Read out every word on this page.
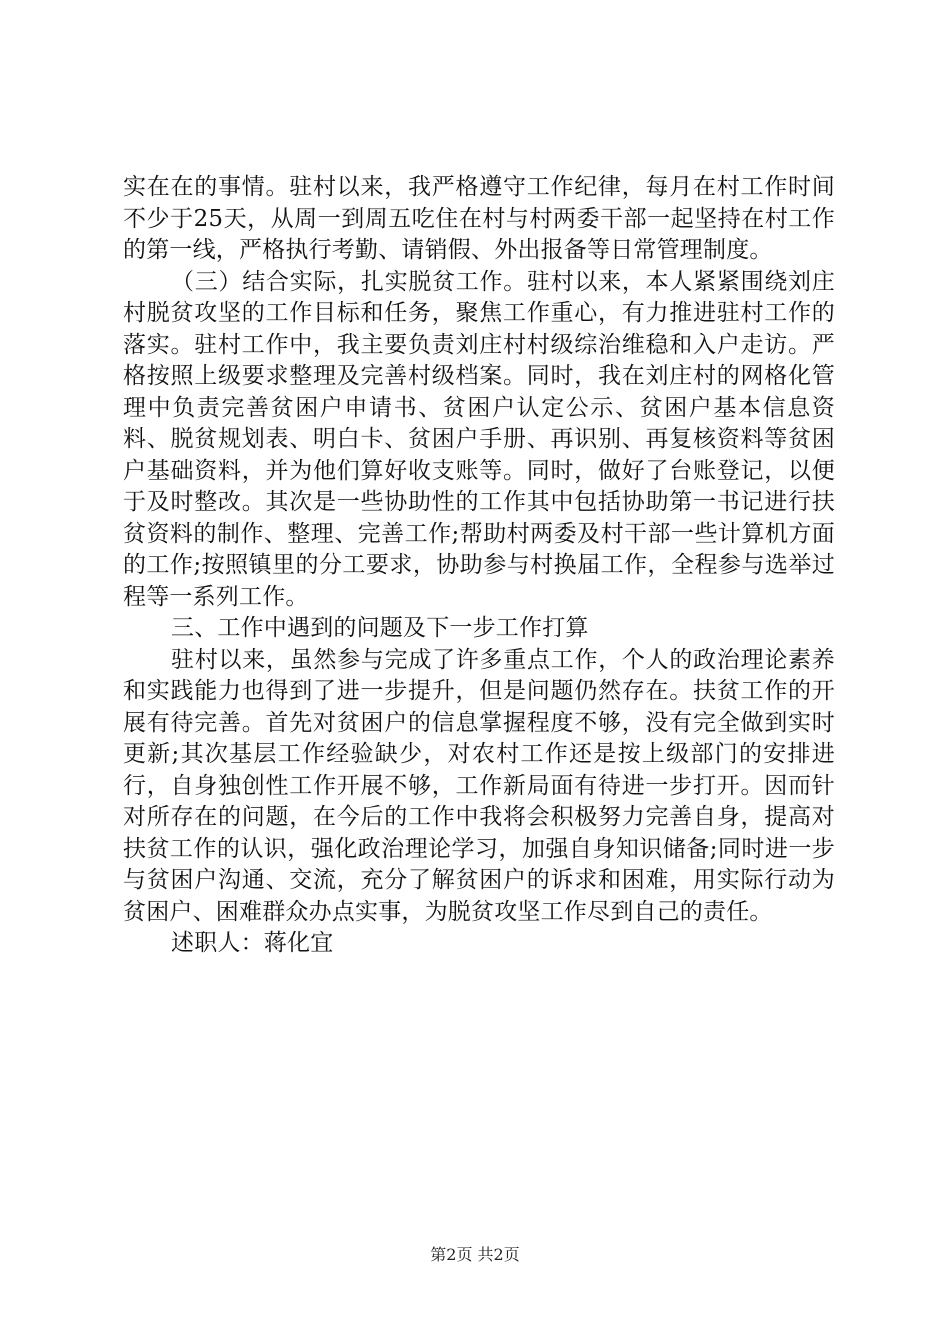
实在在的事情。驻村以来，我严格遵守工作纪律，每月在村工作时间不少于25天，从周一到周五吃住在村与村两委干部一起坚持在村工作的第一线，严格执行考勤、请销假、外出报备等日常管理制度。

（三）结合实际，扎实脱贫工作。驻村以来，本人紧紧围绕刘庄村脱贫攻坚的工作目标和任务，聚焦工作重心，有力推进驻村工作的落实。驻村工作中，我主要负责刘庄村村级综治维稳和入户走访。严格按照上级要求整理及完善村级档案。同时，我在刘庄村的网格化管理中负责完善贫困户申请书、贫困户认定公示、贫困户基本信息资料、脱贫规划表、明白卡、贫困户手册、再识别、再复核资料等贫困户基础资料，并为他们算好收支账等。同时，做好了台账登记，以便于及时整改。其次是一些协助性的工作其中包括协助第一书记进行扶贫资料的制作、整理、完善工作;帮助村两委及村干部一些计算机方面的工作;按照镇里的分工要求，协助参与村换届工作，全程参与选举过程等一系列工作。

三、工作中遇到的问题及下一步工作打算

驻村以来，虽然参与完成了许多重点工作，个人的政治理论素养和实践能力也得到了进一步提升，但是问题仍然存在。扶贫工作的开展有待完善。首先对贫困户的信息掌握程度不够，没有完全做到实时更新;其次基层工作经验缺少，对农村工作还是按上级部门的安排进行，自身独创性工作开展不够，工作新局面有待进一步打开。因而针对所存在的问题，在今后的工作中我将会积极努力完善自身，提高对扶贫工作的认识，强化政治理论学习，加强自身知识储备;同时进一步与贫困户沟通、交流，充分了解贫困户的诉求和困难，用实际行动为贫困户、困难群众办点实事，为脱贫攻坚工作尽到自己的责任。

述职人：蒋化宜

第2页 共2页
